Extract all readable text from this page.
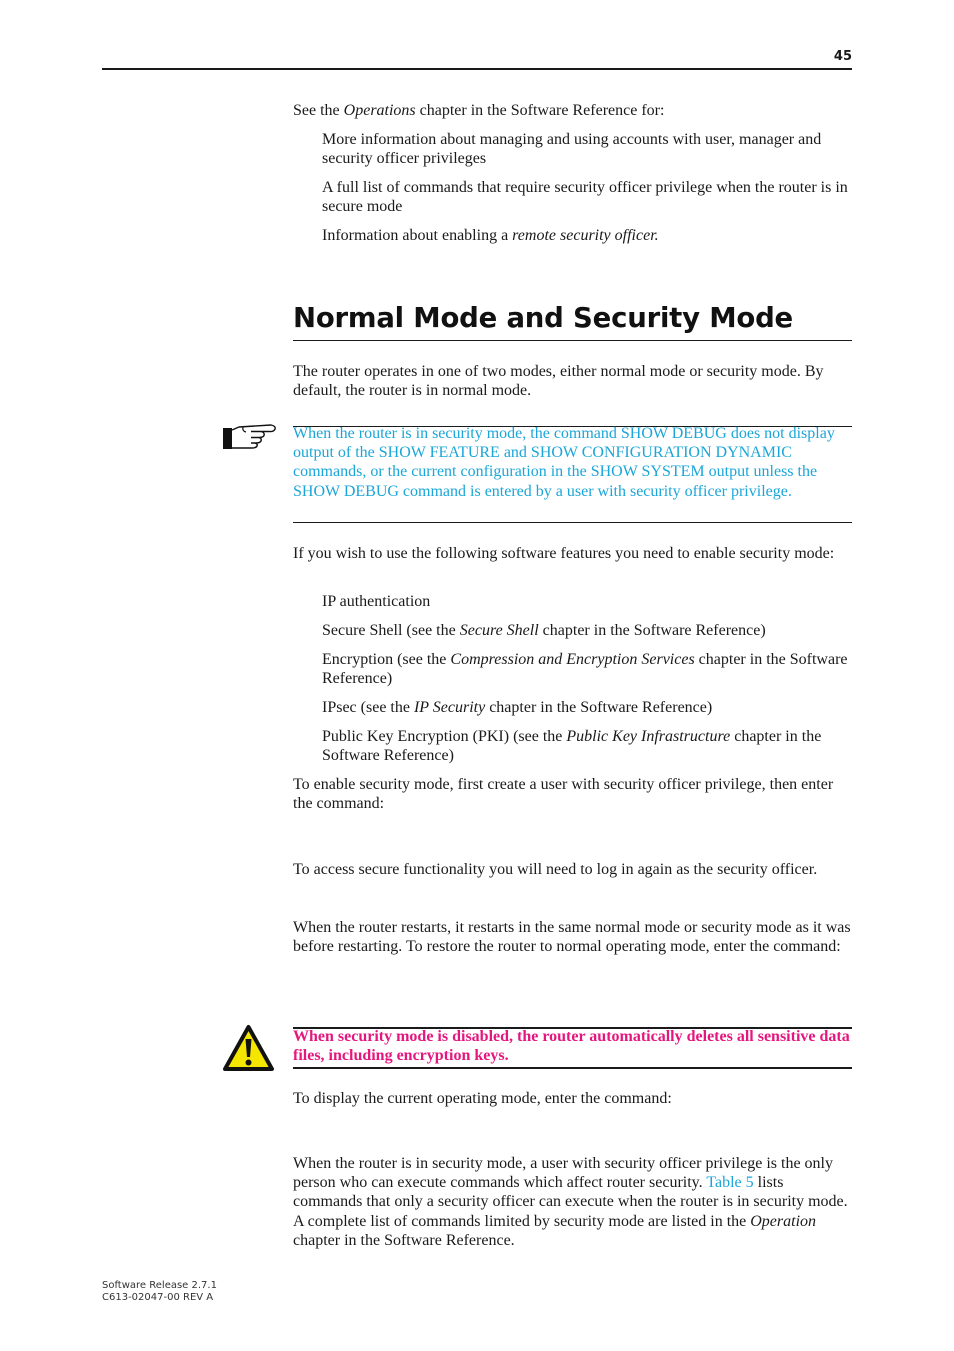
45

See the Operations chapter in the Software Reference for:

More information about managing and using accounts with user, manager and security officer privileges

A full list of commands that require security officer privilege when the router is in secure mode

Information about enabling a remote security officer.

Normal Mode and Security Mode

The router operates in one of two modes, either normal mode or security mode. By default, the router is in normal mode.

When the router is in security mode, the command SHOW DEBUG does not display output of the SHOW FEATURE and SHOW CONFIGURATION DYNAMIC commands, or the current configuration in the SHOW SYSTEM output unless the SHOW DEBUG command is entered by a user with security officer privilege.

If you wish to use the following software features you need to enable security mode:

IP authentication

Secure Shell (see the Secure Shell chapter in the Software Reference)

Encryption (see the Compression and Encryption Services chapter in the Software Reference)

IPsec (see the IP Security chapter in the Software Reference)

Public Key Encryption (PKI) (see the Public Key Infrastructure chapter in the Software Reference)

To enable security mode, first create a user with security officer privilege, then enter the command:

To access secure functionality you will need to log in again as the security officer.

When the router restarts, it restarts in the same normal mode or security mode as it was before restarting. To restore the router to normal operating mode, enter the command:

When security mode is disabled, the router automatically deletes all sensitive data files, including encryption keys.

To display the current operating mode, enter the command:

When the router is in security mode, a user with security officer privilege is the only person who can execute commands which affect router security. Table 5 lists commands that only a security officer can execute when the router is in security mode. A complete list of commands limited by security mode are listed in the Operation chapter in the Software Reference.

Software Release 2.7.1
C613-02047-00 REV A
